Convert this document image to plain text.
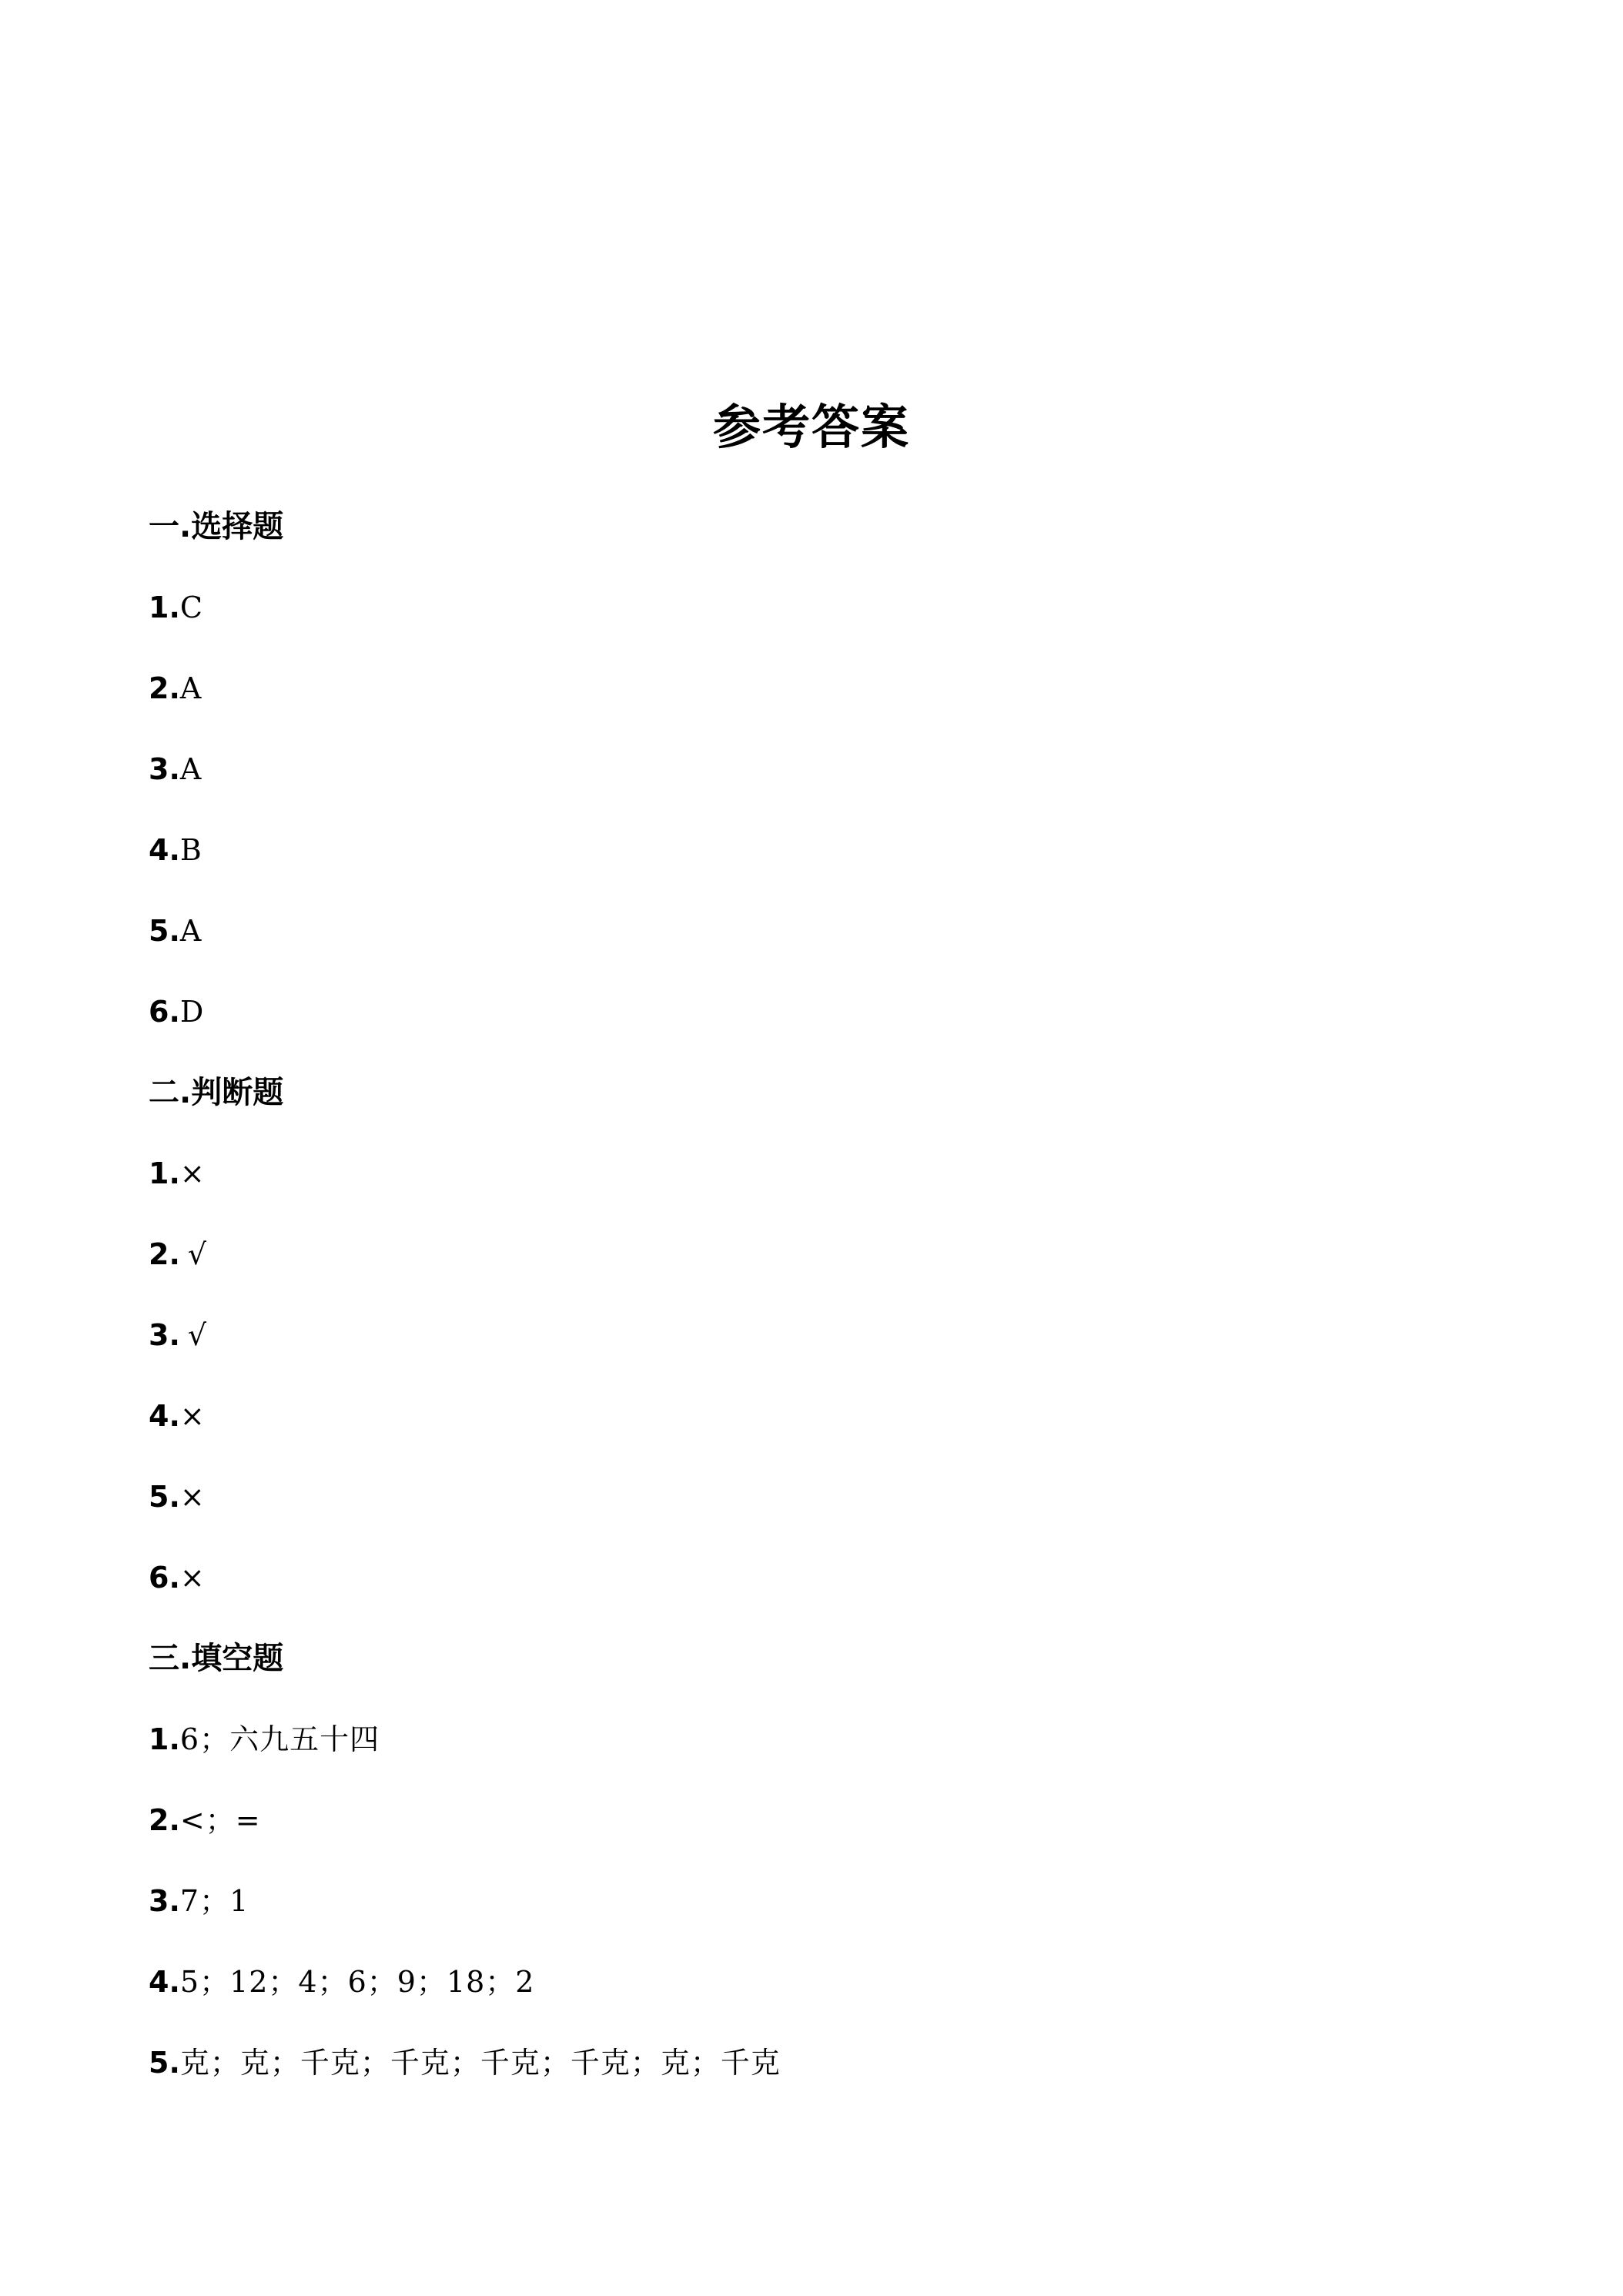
参考答案
一.选择题
1.C
2.A
3.A
4.B
5.A
6.D
二.判断题
1.×
2. √
3. √
4.×
5.×
6.×
三.填空题
1.6；六九五十四
2.<；=
3.7；1
4.5；12；4；6；9；18；2
5.克；克；千克；千克；千克；千克；克；千克
